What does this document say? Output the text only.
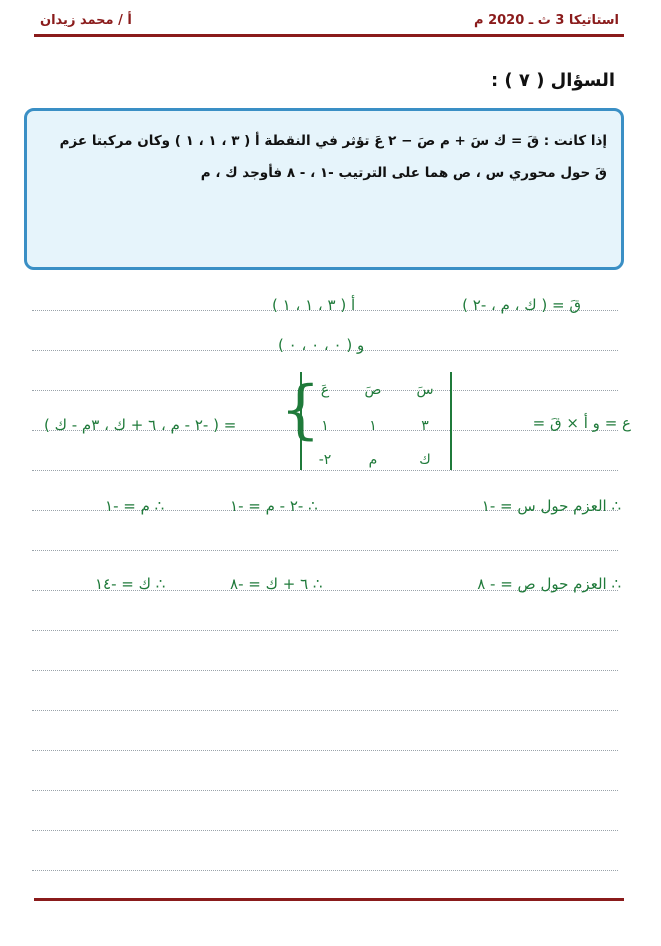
استاتيكا 3 ث ـ 2020 م
أ / محمد زيدان
السؤال ( ٧ ) :
إذا كانت : قَ = ك سَ + م صَ − ٢ عَ تؤثر في النقطة أ ( ٣ ، ١ ، ١ ) وكان مركبتا عزم
قَ حول محوري س ، ص هما على الترتيب -١ ، - ٨ فأوجد ك ، م
قَ = ( ك ، م ، -٢ )
أ ( ٣ ، ١ ، ١ )
و ( ٠ ، ٠ ، ٠ )
ع = و أ × قَ =
{	سَ
صَ
عَ
٣
١
١
ك
م
-٢
= ( -٢ - م ، ٦ + ك ، ٣م - ك )
∴ العزم حول س = -١
∴ -٢ - م = -١
∴ م = -١
∴ العزم حول ص = - ٨
∴ ٦ + ك = -٨
∴ ك = -١٤
